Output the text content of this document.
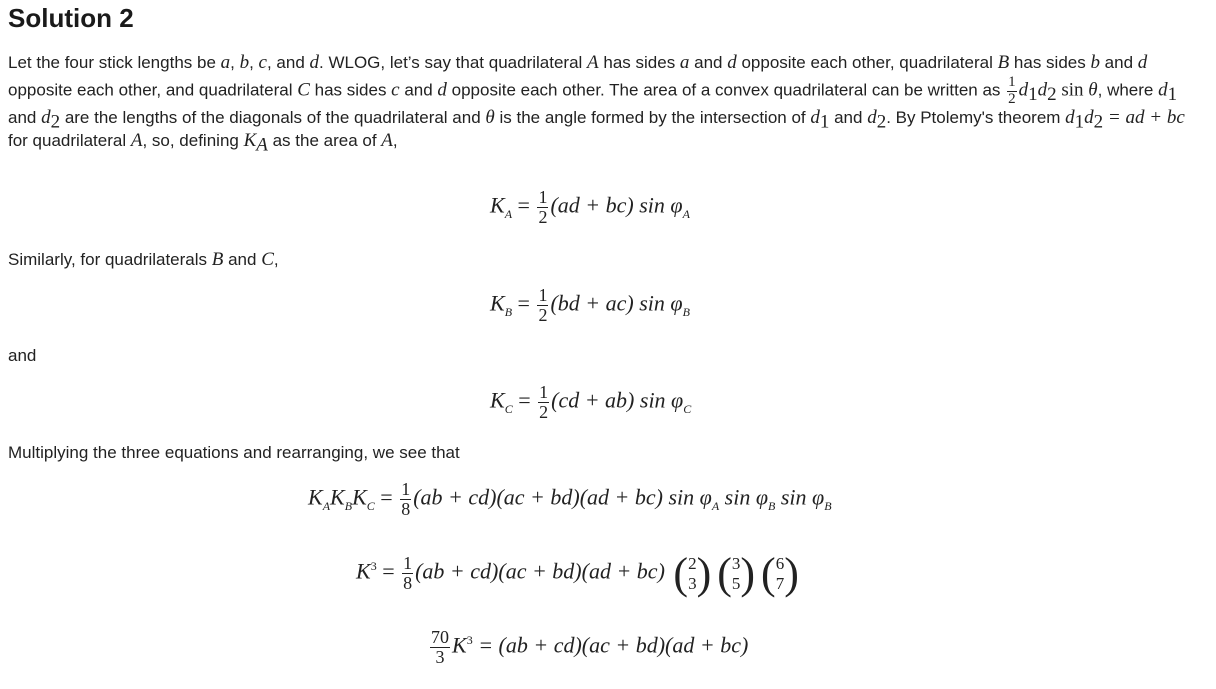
Solution 2
Let the four stick lengths be a, b, c, and d. WLOG, let’s say that quadrilateral A has sides a and d opposite each other, quadrilateral B has sides b and d opposite each other, and quadrilateral C has sides c and d opposite each other. The area of a convex quadrilateral can be written as $\frac{1}{2} d_1d_2$ sin θ, where $d_1$ and $d_2$ are the lengths of the diagonals of the quadrilateral and θ is the angle formed by the intersection of $d_1$ and $d_2$. By Ptolemy's theorem $d_1d_2$ = ad + bc for quadrilateral A, so, defining $K_A$ as the area of A,
$K_A = \frac{1}{2} (ad + bc)$ $\sin \varphi_A$
Similarly, for quadrilaterals B and C,
$K_B = \frac{1}{2} (bd + ac)$ $\sin \varphi_B$
and
$K_C = \frac{1}{2} (cd + ab)$ $\sin \varphi_C$
Multiplying the three equations and rearranging, we see that
$K_AK_BK_C = \frac{1}{8} (ab + cd)(ac + bd)(ad + bc)$ $\sin \varphi_A$ $\sin \varphi_B$ $\sin \varphi_B$
$K^3 = \frac{1}{8} (ab + cd)(ac + bd)(ad + bc)$ ( 2
3 ) ( 3
5 ) ( 6
7 )
$\frac{70}{3} K^3 = (ab + cd)(ac + bd)(ad + bc)$
